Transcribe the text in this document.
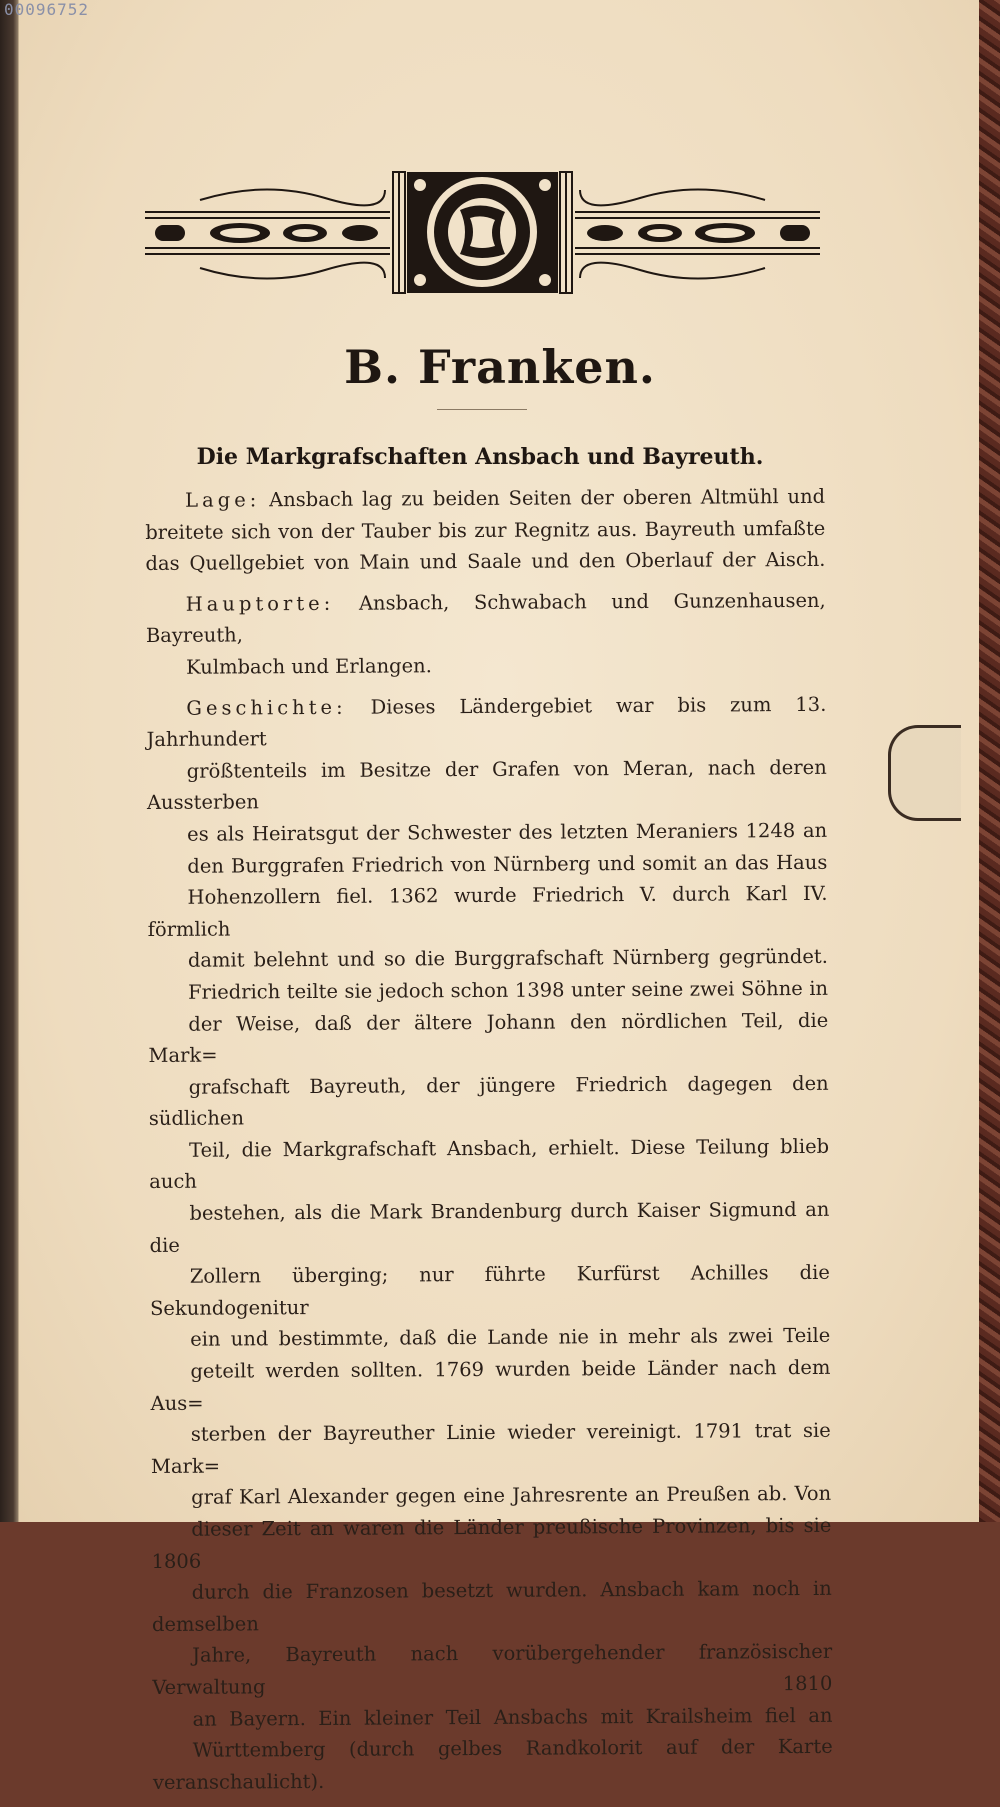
00096752
B. Franken.
Die Markgrafschaften Ansbach und Bayreuth.
Lage: Ansbach lag zu beiden Seiten der oberen Altmühl und
breitete sich von der Tauber bis zur Regnitz aus. Bayreuth umfaßte
das Quellgebiet von Main und Saale und den Oberlauf der Aisch.
Hauptorte: Ansbach, Schwabach und Gunzenhausen, Bayreuth,
Kulmbach und Erlangen.
Geschichte: Dieses Ländergebiet war bis zum 13. Jahrhundert
größtenteils im Besitze der Grafen von Meran, nach deren Aussterben
es als Heiratsgut der Schwester des letzten Meraniers 1248 an
den Burggrafen Friedrich von Nürnberg und somit an das Haus
Hohenzollern fiel. 1362 wurde Friedrich V. durch Karl IV. förmlich
damit belehnt und so die Burggrafschaft Nürnberg gegründet.
Friedrich teilte sie jedoch schon 1398 unter seine zwei Söhne in
der Weise, daß der ältere Johann den nördlichen Teil, die Mark=
grafschaft Bayreuth, der jüngere Friedrich dagegen den südlichen
Teil, die Markgrafschaft Ansbach, erhielt. Diese Teilung blieb auch
bestehen, als die Mark Brandenburg durch Kaiser Sigmund an die
Zollern überging; nur führte Kurfürst Achilles die Sekundogenitur
ein und bestimmte, daß die Lande nie in mehr als zwei Teile
geteilt werden sollten. 1769 wurden beide Länder nach dem Aus=
sterben der Bayreuther Linie wieder vereinigt. 1791 trat sie Mark=
graf Karl Alexander gegen eine Jahresrente an Preußen ab. Von
dieser Zeit an waren die Länder preußische Provinzen, bis sie 1806
durch die Franzosen besetzt wurden. Ansbach kam noch in demselben
Jahre, Bayreuth nach vorübergehender französischer Verwaltung 1810
an Bayern. Ein kleiner Teil Ansbachs mit Krailsheim fiel an
Württemberg (durch gelbes Randkolorit auf der Karte veranschaulicht).
